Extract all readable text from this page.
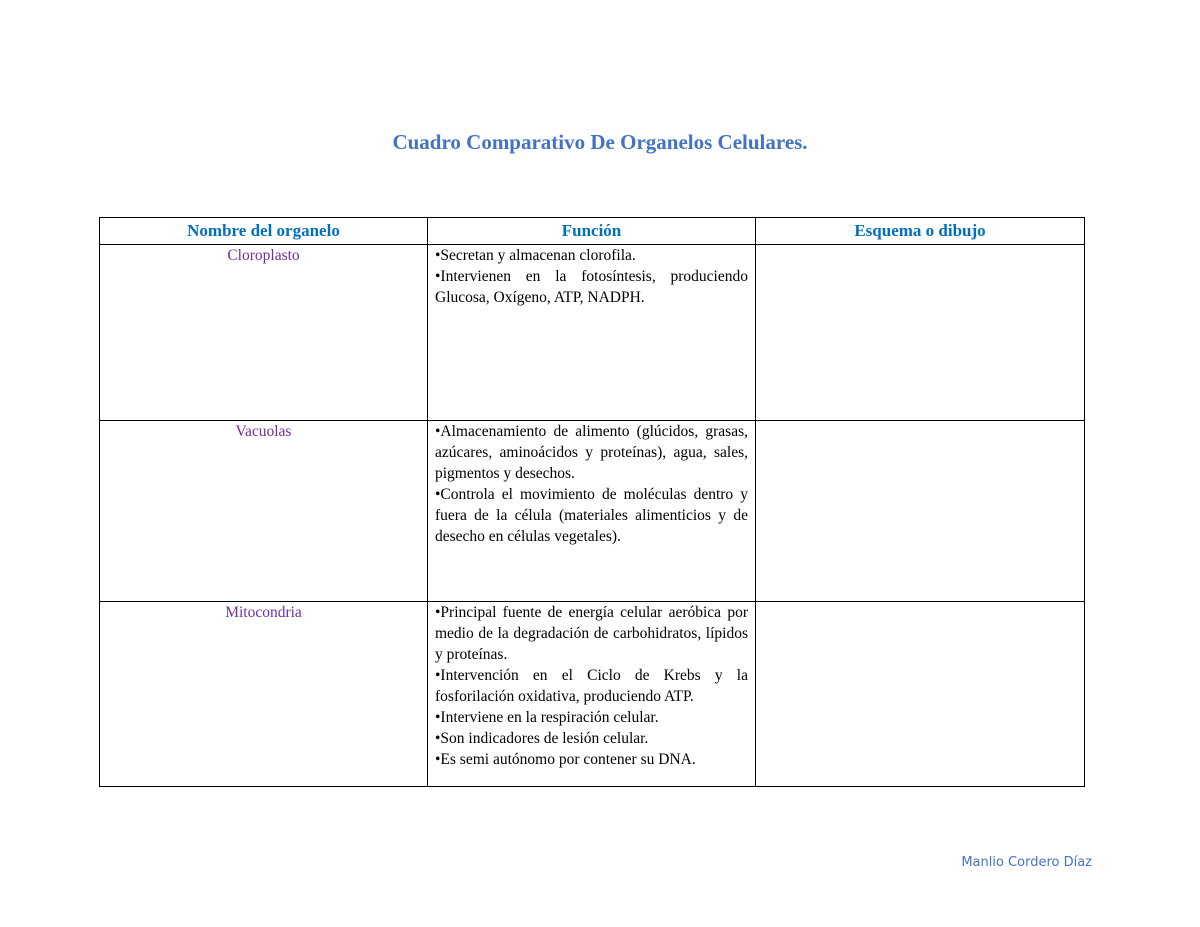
Cuadro Comparativo De Organelos Celulares.
Nombre del organelo	Función	Esquema o dibujo
Cloroplasto	•Secretan y almacenan clorofila.
•Intervienen en la fotosíntesis, produciendo Glucosa, Oxígeno, ATP, NADPH.	

Vacuolas	•Almacenamiento de alimento (glúcidos, grasas, azúcares, aminoácidos y proteínas), agua, sales, pigmentos y desechos.
•Controla el movimiento de moléculas dentro y fuera de la célula (materiales alimenticios y de desecho en células vegetales).	

Mitocondria	•Principal fuente de energía celular aeróbica por medio de la degradación de carbohidratos, lípidos y proteínas.
•Intervención en el Ciclo de Krebs y la fosforilación oxidativa, produciendo ATP.
•Interviene en la respiración celular.
•Son indicadores de lesión celular.
•Es semi autónomo por contener su DNA.	

Manlio Cordero Díaz
